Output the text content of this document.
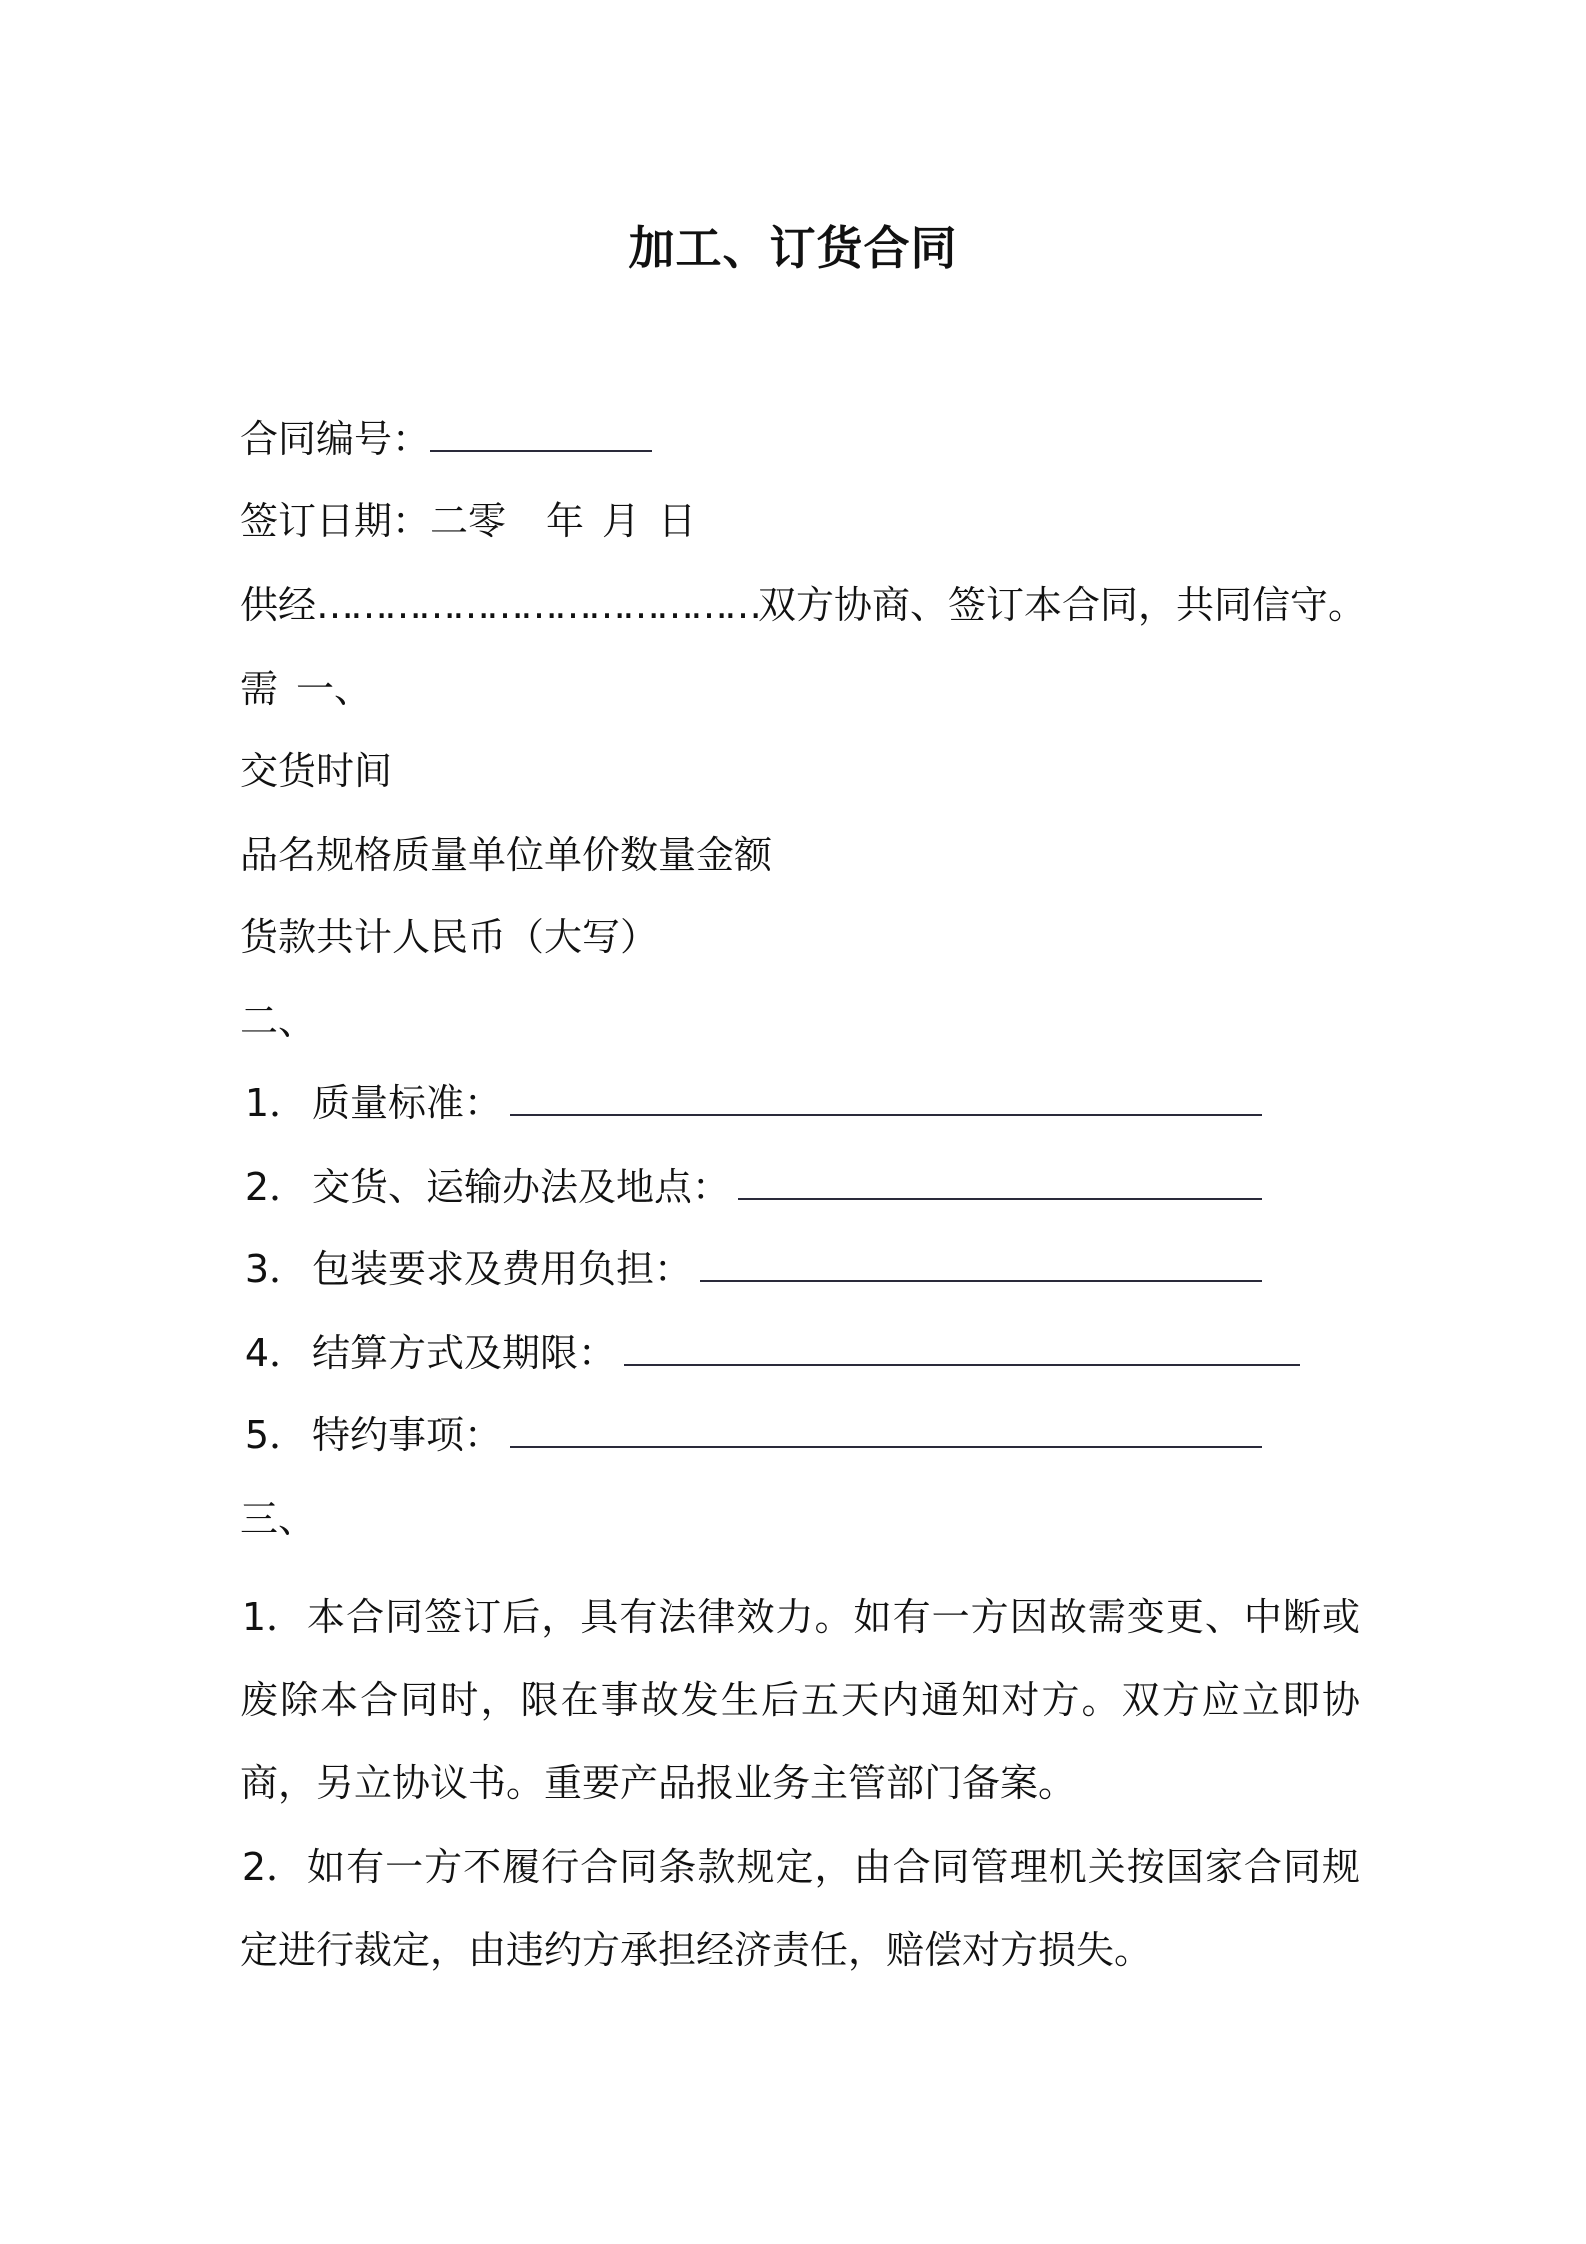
加工、订货合同

合同编号：

签订日期：二零 年 月 日

供经…………………………………双方协商、签订本合同，共同信守。

需 一、

交货时间

品名规格质量单位单价数量金额

货款共计人民币（大写）

二、

1． 质量标准：

2． 交货、运输办法及地点：

3． 包装要求及费用负担：

4． 结算方式及期限：

5． 特约事项：

三、

1．本合同签订后，具有法律效力。如有一方因故需变更、中断或废除本合同时，限在事故发生后五天内通知对方。双方应立即协商，另立协议书。重要产品报业务主管部门备案。

2．如有一方不履行合同条款规定，由合同管理机关按国家合同规定进行裁定，由违约方承担经济责任，赔偿对方损失。
